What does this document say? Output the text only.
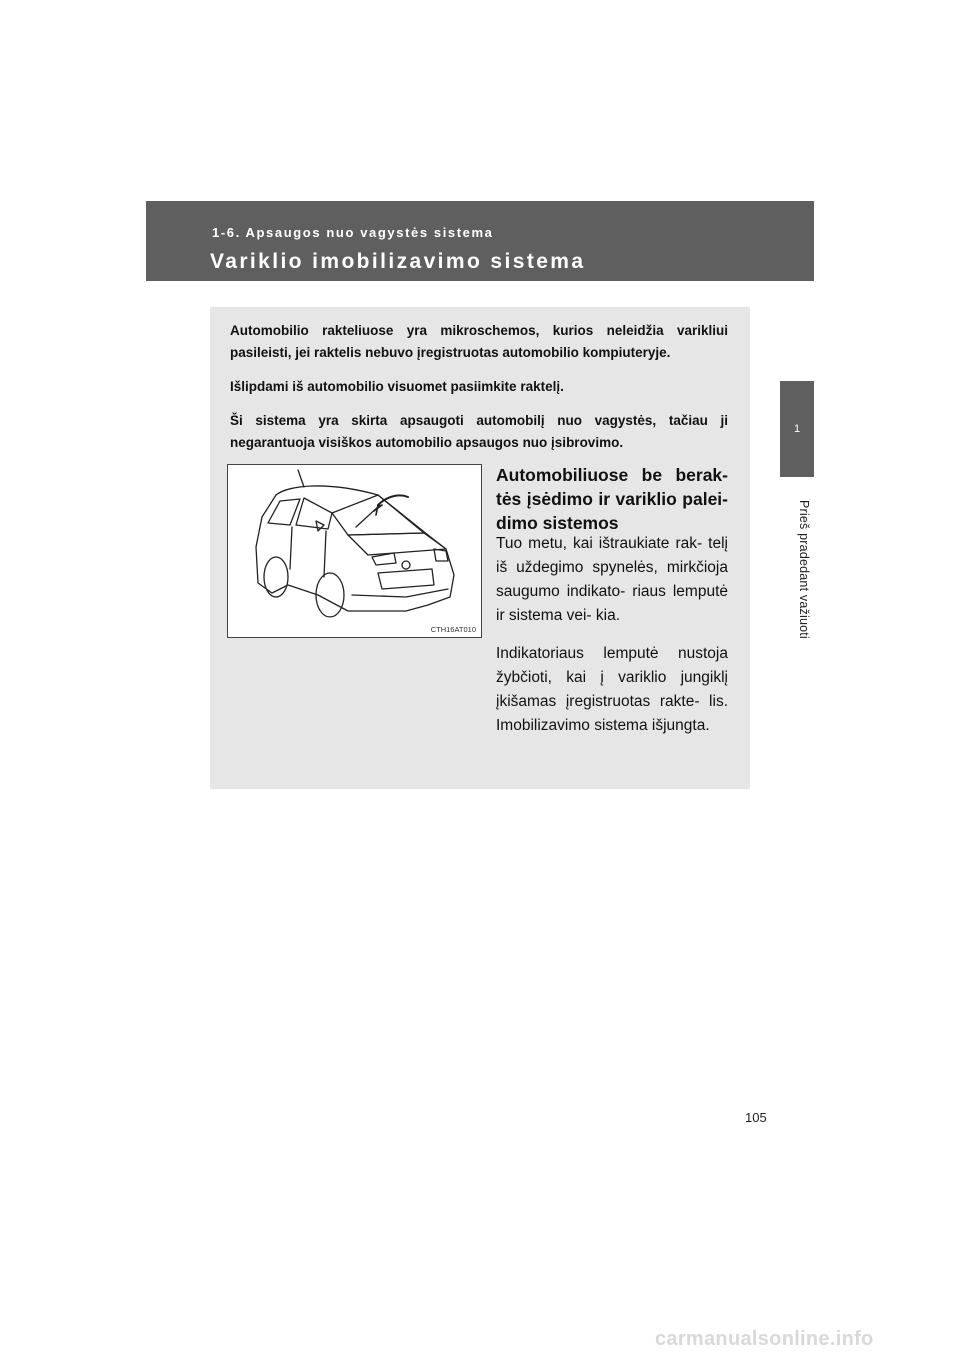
1-6. Apsaugos nuo vagystės sistema
Variklio imobilizavimo sistema
1
Prieš pradedant važiuoti

Automobilio rakteliuose yra mikroschemos, kurios neleidžia varikliui pasileisti, jei raktelis nebuvo įregistruotas automobilio kompiuteryje.

Išlipdami iš automobilio visuomet pasiimkite raktelį.

Ši sistema yra skirta apsaugoti automobilį nuo vagystės, tačiau ji negarantuoja visiškos automobilio apsaugos nuo įsibrovimo.

CTH16AT010
Automobiliuose be berak- tės įsėdimo ir variklio palei- dimo sistemos

Tuo metu, kai ištraukiate rak- telį iš uždegimo spynelės, mirkčioja saugumo indikato- riaus lemputė ir sistema vei- kia.

Indikatoriaus lemputė nustoja žybčioti, kai į variklio jungiklį įkišamas įregistruotas rakte- lis. Imobilizavimo sistema išjungta.

105
carmanualsonline.info
